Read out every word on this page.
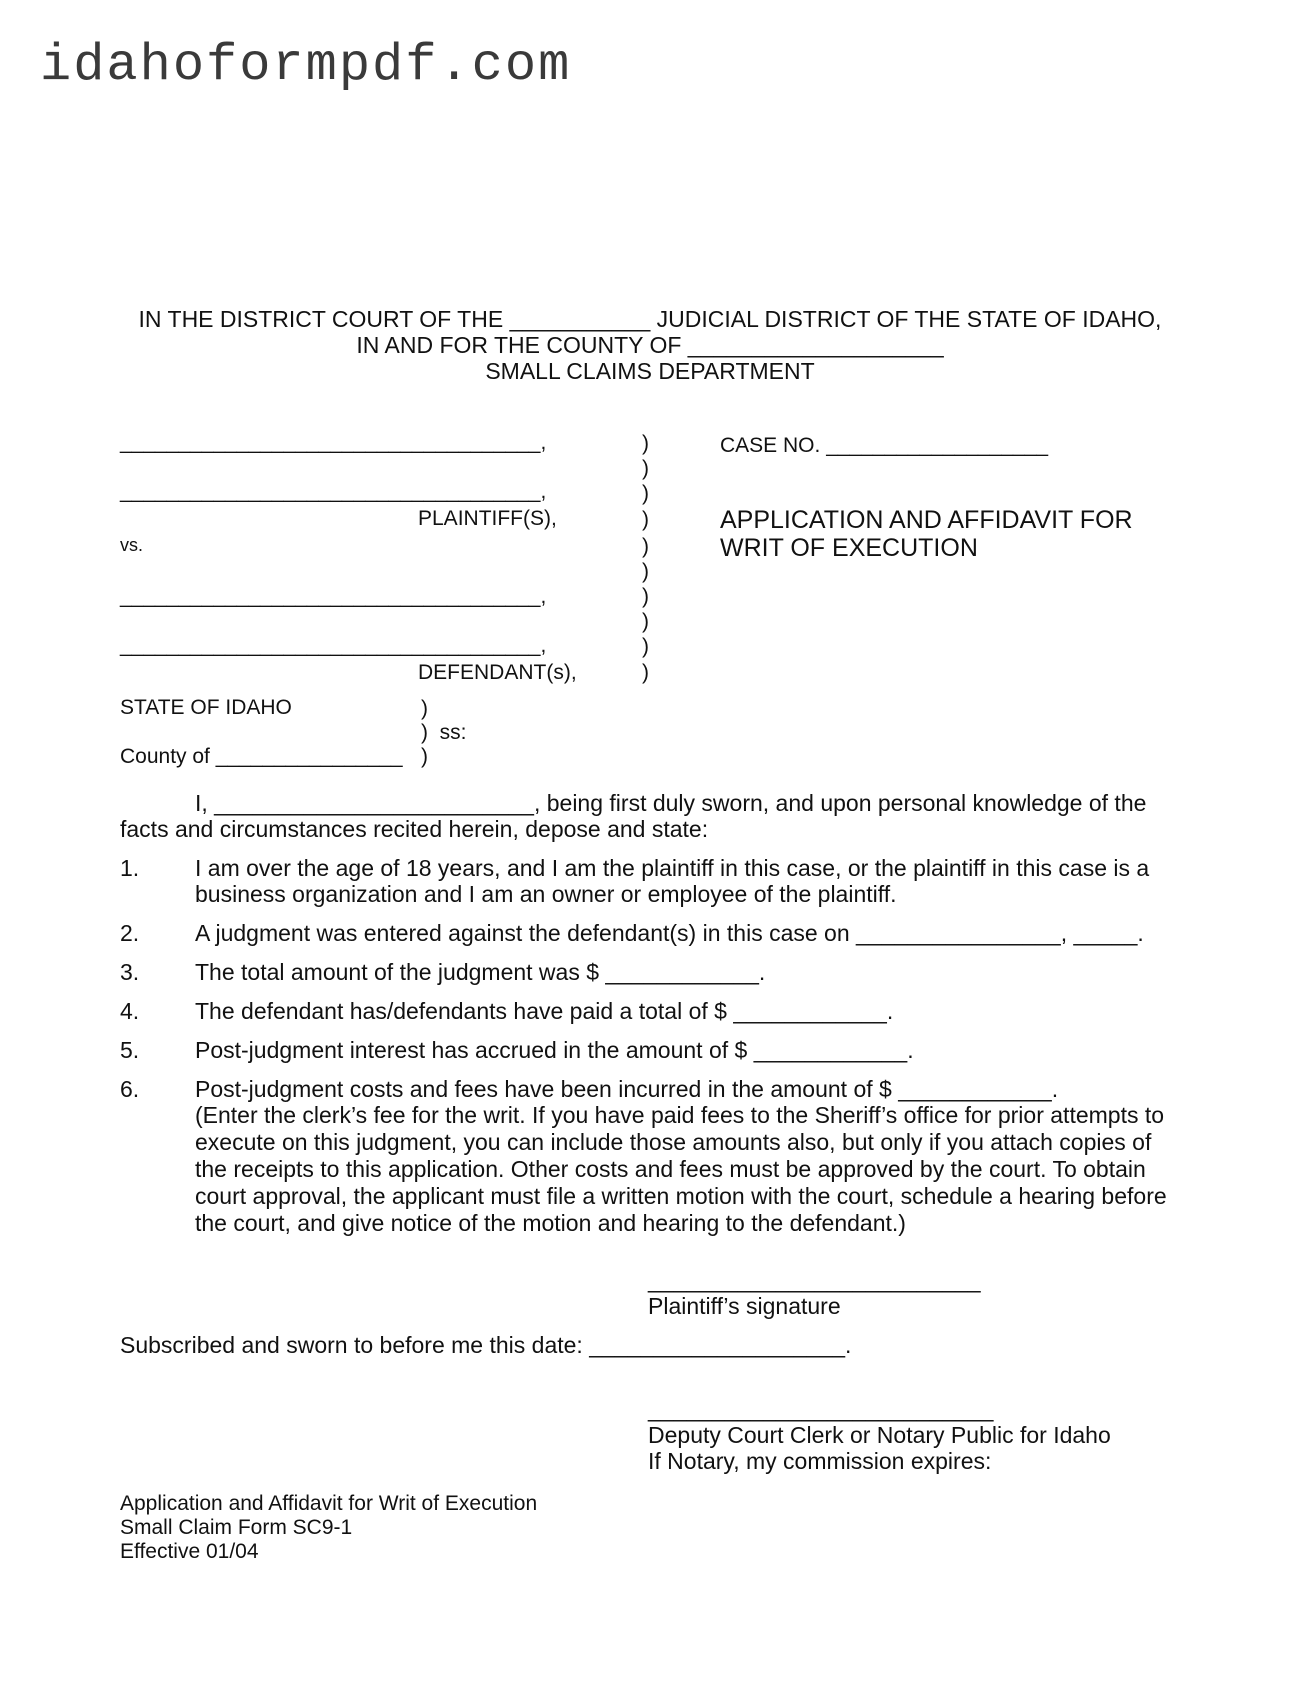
idahoformpdf.com
IN THE DISTRICT COURT OF THE ___________ JUDICIAL DISTRICT OF THE STATE OF IDAHO,
IN AND FOR THE COUNTY OF ____________________
SMALL CLAIMS DEPARTMENT
____________________________________,
____________________________________,
PLAINTIFF(S),
vs.
____________________________________,
____________________________________,
DEFENDANT(s),
)
)
)
)
)
)
)
)
)
)
CASE NO. ___________________
APPLICATION AND AFFIDAVIT FOR
WRIT OF EXECUTION
STATE OF IDAHO	)
)  ss:
County of ________________ )
I, _________________________, being first duly sworn, and upon personal knowledge of the
facts and circumstances recited herein, depose and state:
1. I am over the age of 18 years, and I am the plaintiff in this case, or the plaintiff in this case is a
business organization and I am an owner or employee of the plaintiff.
2. A judgment was entered against the defendant(s) in this case on ________________, _____.
3. The total amount of the judgment was $ ____________.
4. The defendant has/defendants have paid a total of $ ____________.
5. Post-judgment interest has accrued in the amount of $ ____________.
6. Post-judgment costs and fees have been incurred in the amount of $ ____________.
(Enter the clerk’s fee for the writ. If you have paid fees to the Sheriff’s office for prior attempts to execute on this judgment, you can include those amounts also, but only if you attach copies of the receipts to this application. Other costs and fees must be approved by the court. To obtain court approval, the applicant must file a written motion with the court, schedule a hearing before the court, and give notice of the motion and hearing to the defendant.)
__________________________
Plaintiff’s signature
Subscribed and sworn to before me this date: ____________________.
___________________________
Deputy Court Clerk or Notary Public for Idaho
If Notary, my commission expires:
Application and Affidavit for Writ of Execution
Small Claim Form SC9-1
Effective 01/04
